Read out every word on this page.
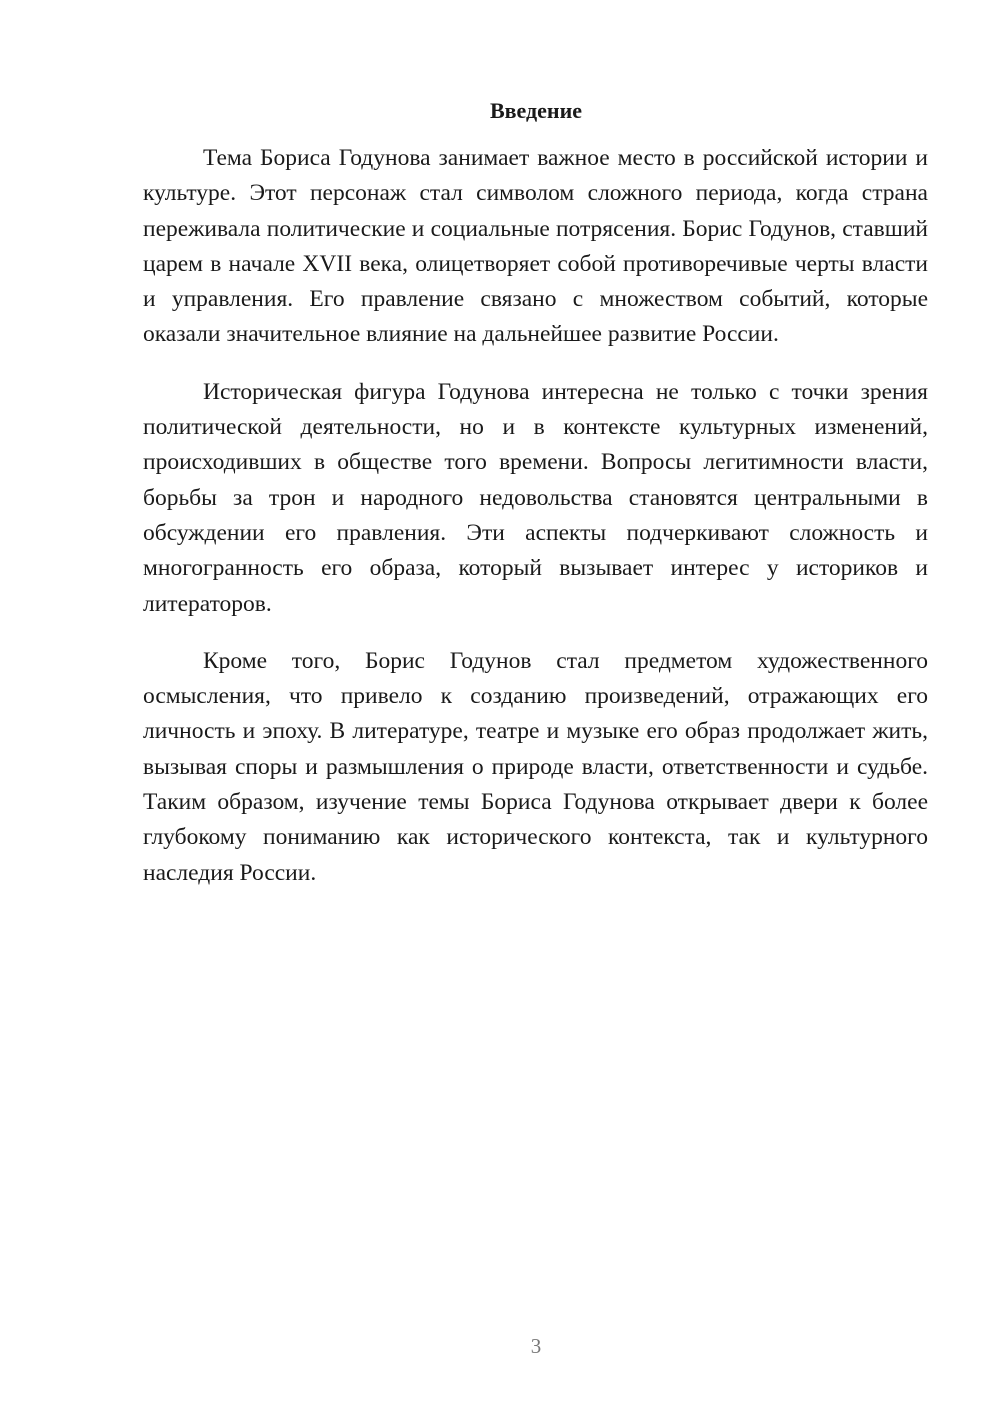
Введение

Тема Бориса Годунова занимает важное место в российской истории и культуре. Этот персонаж стал символом сложного периода, когда страна переживала политические и социальные потрясения. Борис Годунов, ставший царем в начале XVII века, олицетворяет собой противоречивые черты власти и управления. Его правление связано с множеством событий, которые оказали значительное влияние на дальнейшее развитие России.

Историческая фигура Годунова интересна не только с точки зрения политической деятельности, но и в контексте культурных изменений, происходивших в обществе того времени. Вопросы легитимности власти, борьбы за трон и народного недовольства становятся центральными в обсуждении его правления. Эти аспекты подчеркивают сложность и многогранность его образа, который вызывает интерес у историков и литераторов.

Кроме того, Борис Годунов стал предметом художественного осмысления, что привело к созданию произведений, отражающих его личность и эпоху. В литературе, театре и музыке его образ продолжает жить, вызывая споры и размышления о природе власти, ответственности и судьбе. Таким образом, изучение темы Бориса Годунова открывает двери к более глубокому пониманию как исторического контекста, так и культурного наследия России.

3
